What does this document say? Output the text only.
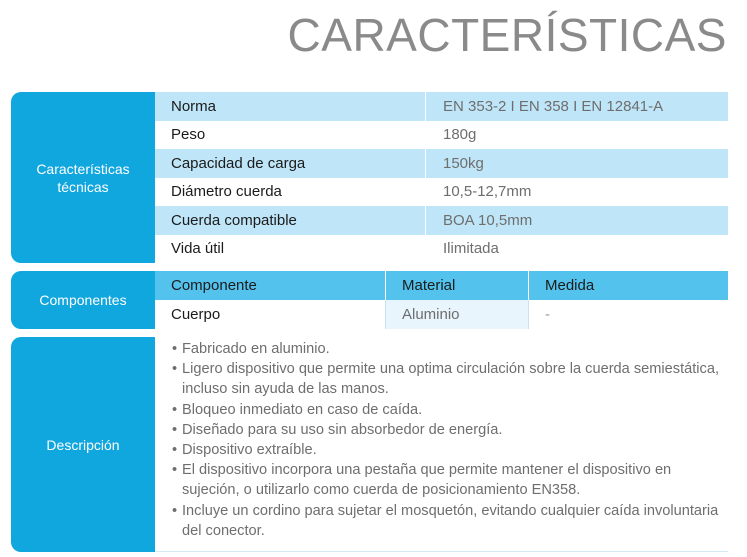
CARACTERÍSTICAS
Características técnicas
Norma	EN 353-2 I EN 358 I EN 12841-A
Peso	180g
Capacidad de carga	150kg
Diámetro cuerda	10,5-12,7mm
Cuerda compatible	BOA 10,5mm
Vida útil	Ilimitada
Componentes
Componente	Material	Medida
Cuerpo	Aluminio	-
Descripción
• Fabricado en aluminio.
• Ligero dispositivo que permite una optima circulación sobre la cuerda semiestática, incluso sin ayuda de las manos.
• Bloqueo inmediato en caso de caída.
• Diseñado para su uso sin absorbedor de energía.
• Dispositivo extraíble.
• El dispositivo incorpora una pestaña que permite mantener el dispositivo en sujeción, o utilizarlo como cuerda de posicionamiento EN358.
• Incluye un cordino para sujetar el mosquetón, evitando cualquier caída involuntaria del conector.
